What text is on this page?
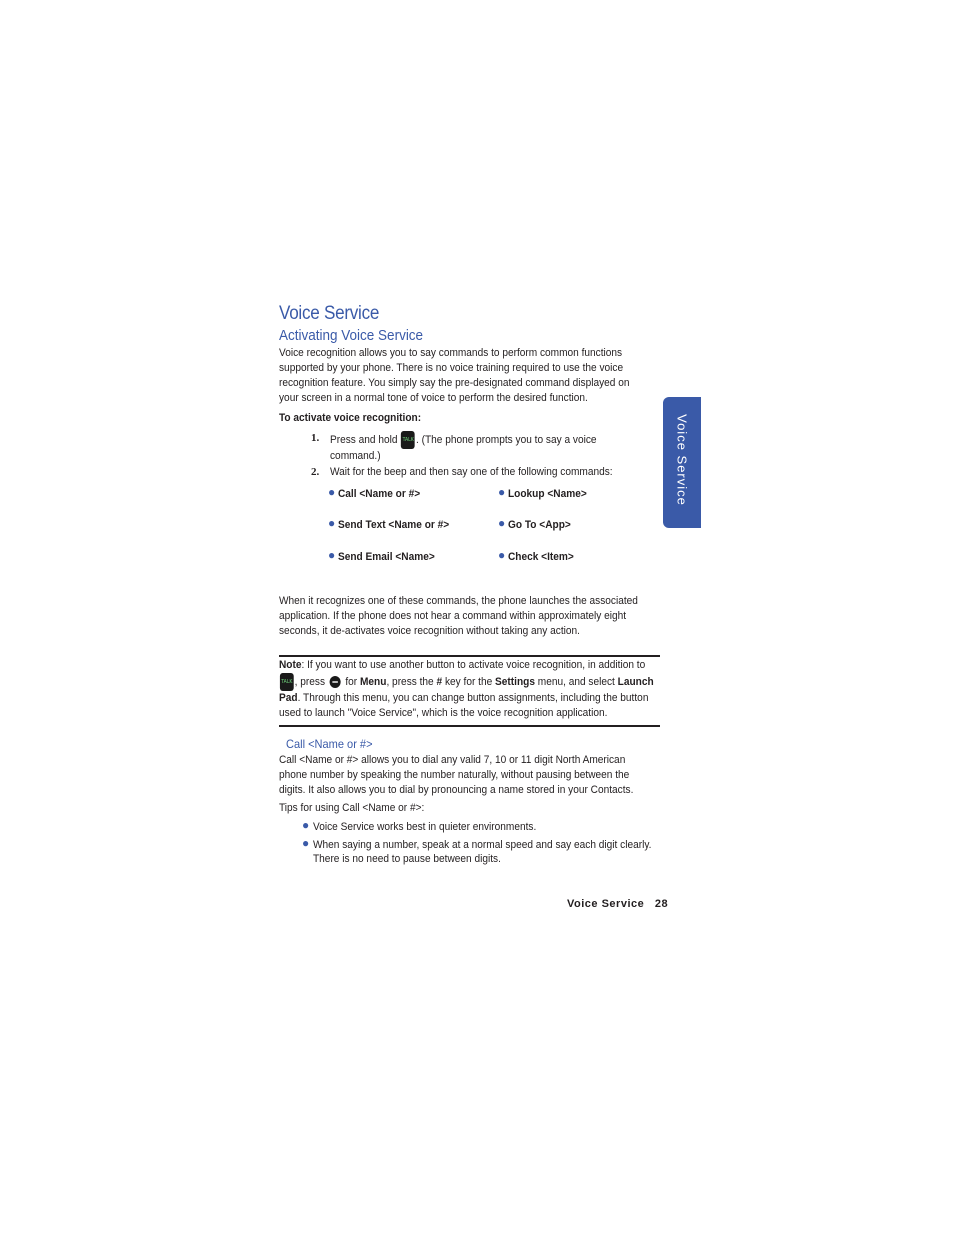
Voice Service
Activating Voice Service
Voice recognition allows you to say commands to perform common functions supported by your phone. There is no voice training required to use the voice recognition feature. You simply say the pre-designated command displayed on your screen in a normal tone of voice to perform the desired function.
To activate voice recognition:
1. Press and hold TALK . (The phone prompts you to say a voice command.)
2. Wait for the beep and then say one of the following commands:
● Call <Name or #>	● Lookup <Name>
● Send Text <Name or #>	● Go To <App>
● Send Email <Name>	● Check <Item>
When it recognizes one of these commands, the phone launches the associated application. If the phone does not hear a command within approximately eight seconds, it de-activates voice recognition without taking any action.
Note: If you want to use another button to activate voice recognition, in addition to
TALK , press for Menu, press the # key for the Settings menu, and select Launch Pad. Through this menu, you can change button assignments, including the button used to launch "Voice Service", which is the voice recognition application.
Call <Name or #>
Call <Name or #> allows you to dial any valid 7, 10 or 11 digit North American phone number by speaking the number naturally, without pausing between the digits. It also allows you to dial by pronouncing a name stored in your Contacts.
Tips for using Call <Name or #>:
● Voice Service works best in quieter environments.
● When saying a number, speak at a normal speed and say each digit clearly. There is no need to pause between digits.
Voice Service
Voice Service 28
